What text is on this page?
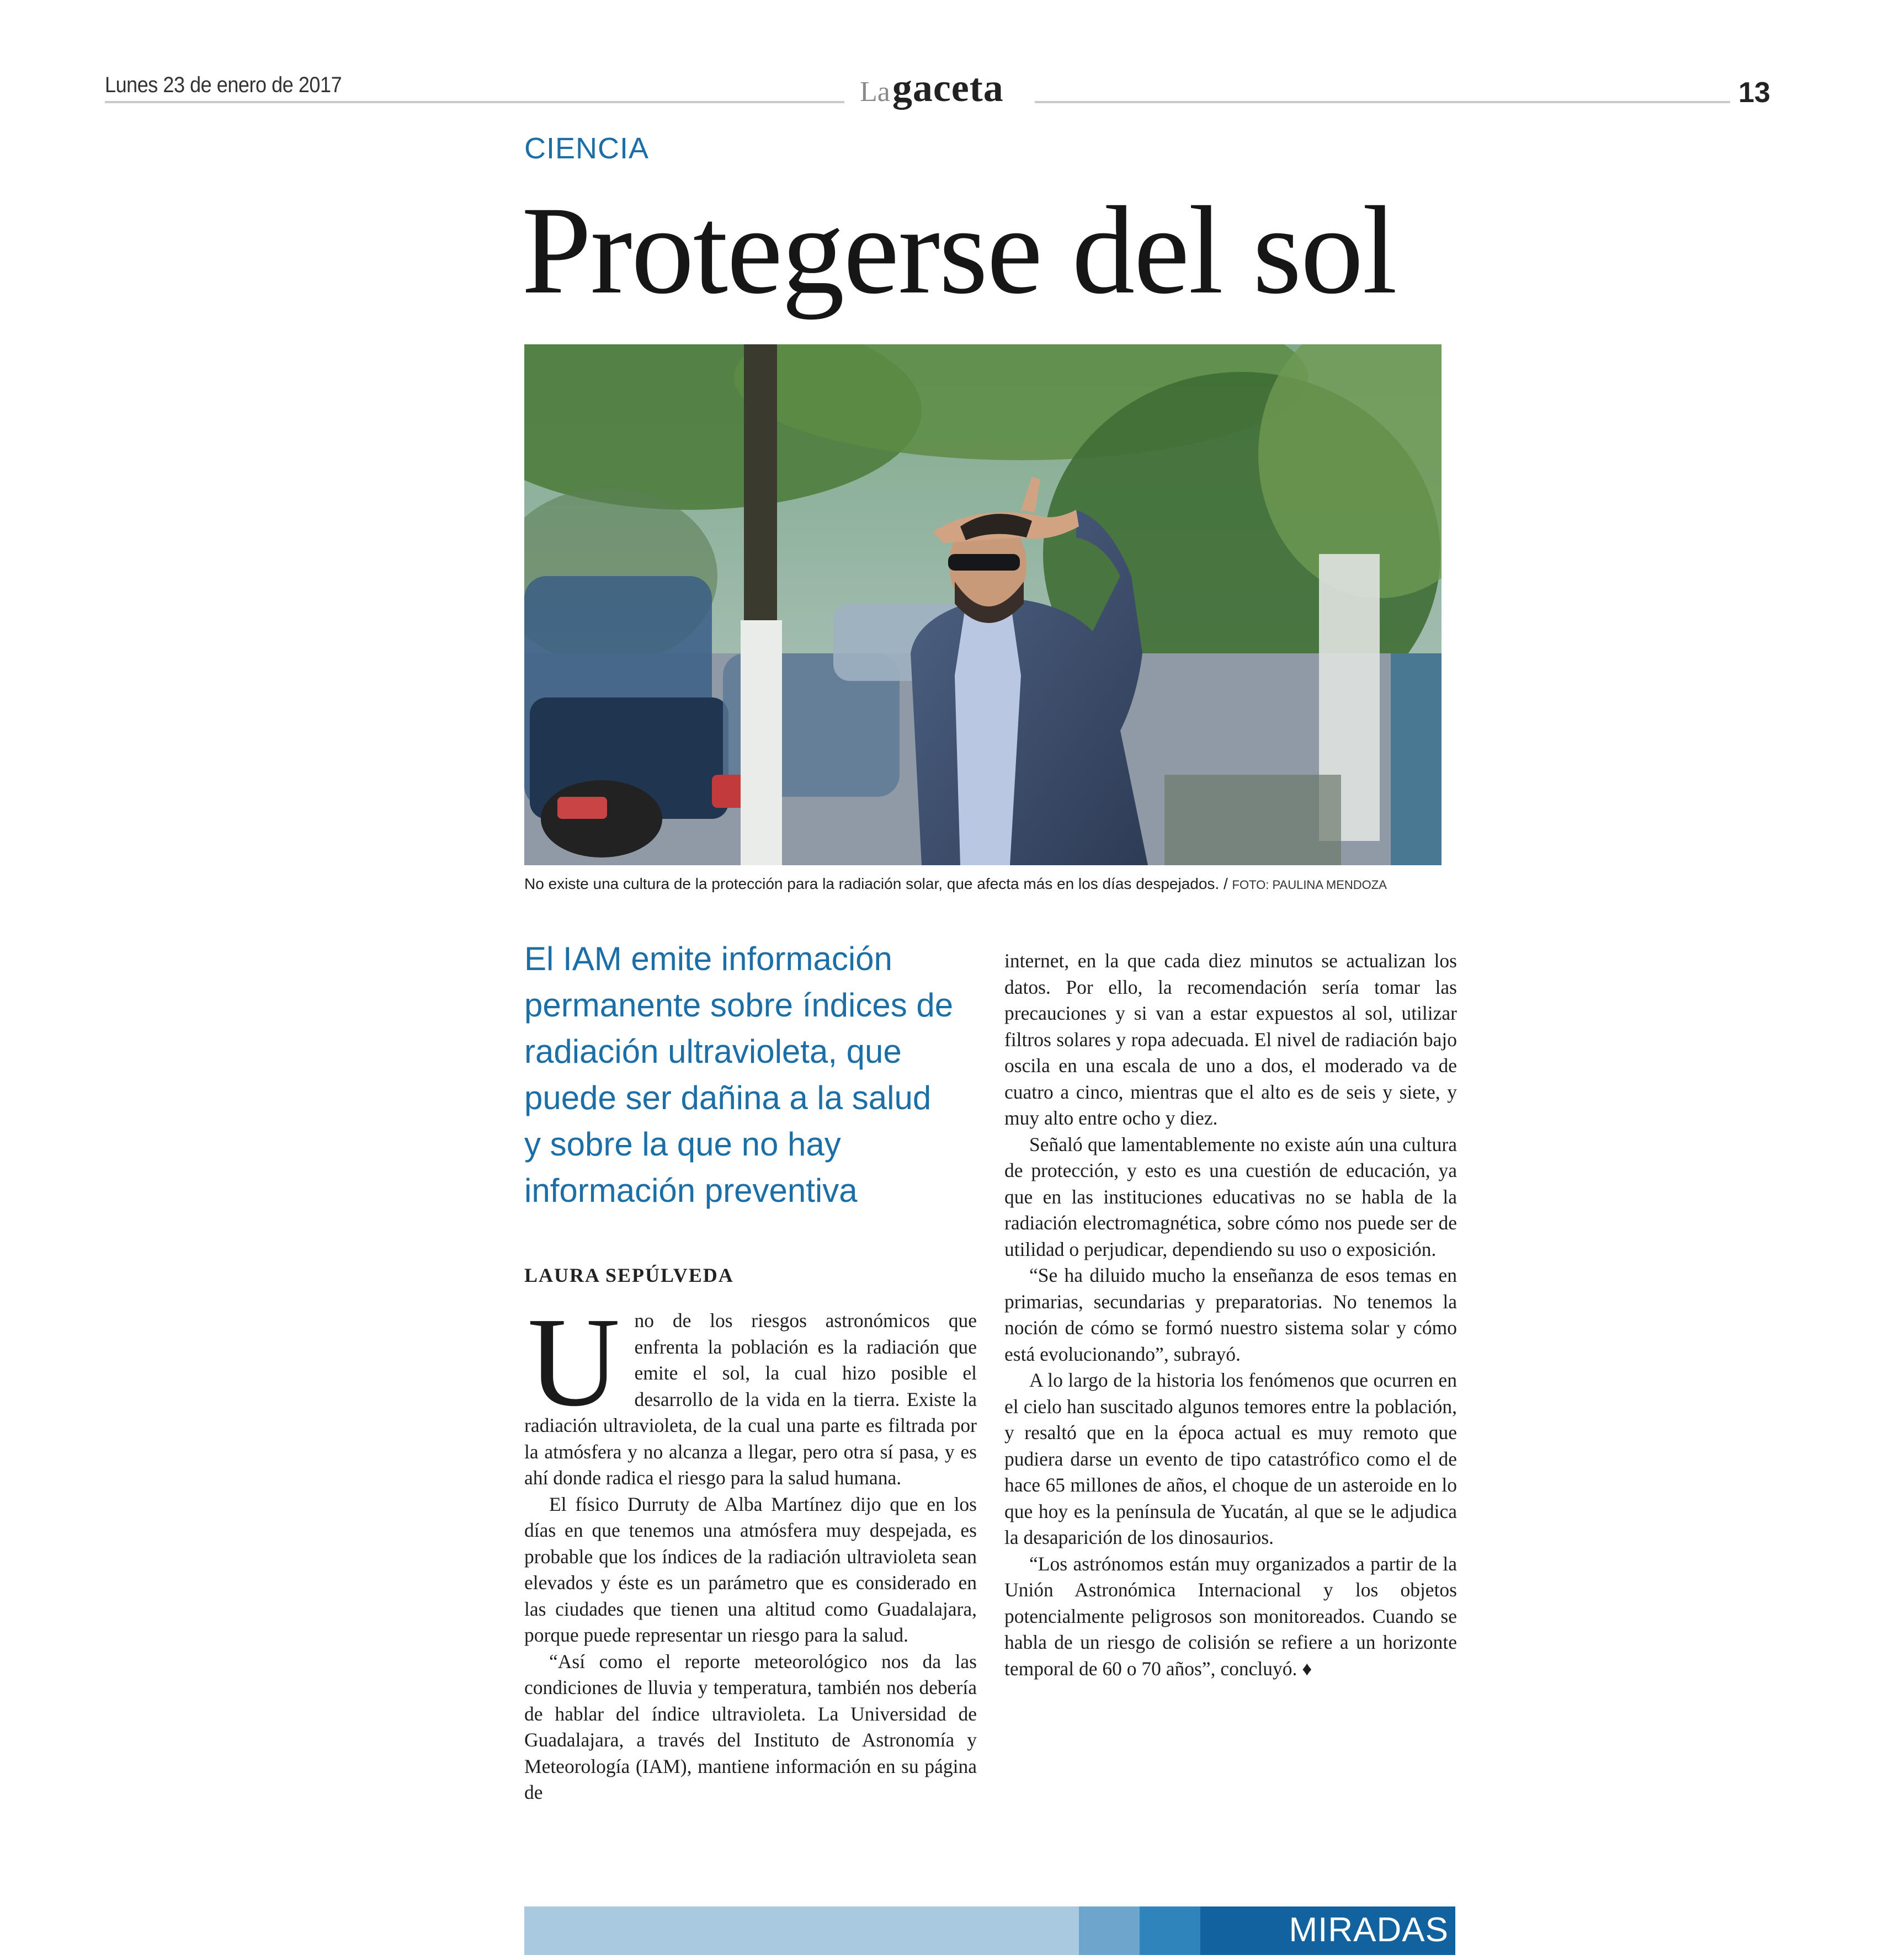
Lunes 23 de enero de 2017	La gaceta	13
CIENCIA
Protegerse del sol
No existe una cultura de la protección para la radiación solar, que afecta más en los días despejados. / FOTO: PAULINA MENDOZA
El IAM emite información permanente sobre índices de radiación ultravioleta, que puede ser dañina a la salud y sobre la que no hay información preventiva
LAURA SEPÚLVEDA

Uno de los riesgos astronómicos que enfrenta la población es la radiación que emite el sol, la cual hizo posible el desarrollo de la vida en la tierra. Existe la radiación ultravioleta, de la cual una parte es filtrada por la atmósfera y no alcanza a llegar, pero otra sí pasa, y es ahí donde radica el riesgo para la salud humana.

El físico Durruty de Alba Martínez dijo que en los días en que tenemos una atmósfera muy despejada, es probable que los índices de la radiación ultravioleta sean elevados y éste es un parámetro que es considerado en las ciudades que tienen una altitud como Guadalajara, porque puede representar un riesgo para la salud.

“Así como el reporte meteorológico nos da las condiciones de lluvia y temperatura, también nos debería de hablar del índice ultravioleta. La Universidad de Guadalajara, a través del Instituto de Astronomía y Meteorología (IAM), mantiene información en su página de

internet, en la que cada diez minutos se actualizan los datos. Por ello, la recomendación sería tomar las precauciones y si van a estar expuestos al sol, utilizar filtros solares y ropa adecuada. El nivel de radiación bajo oscila en una escala de uno a dos, el moderado va de cuatro a cinco, mientras que el alto es de seis y siete, y muy alto entre ocho y diez.

Señaló que lamentablemente no existe aún una cultura de protección, y esto es una cuestión de educación, ya que en las instituciones educativas no se habla de la radiación electromagnética, sobre cómo nos puede ser de utilidad o perjudicar, dependiendo su uso o exposición.

“Se ha diluido mucho la enseñanza de esos temas en primarias, secundarias y preparatorias. No tenemos la noción de cómo se formó nuestro sistema solar y cómo está evolucionando”, subrayó.

A lo largo de la historia los fenómenos que ocurren en el cielo han suscitado algunos temores entre la población, y resaltó que en la época actual es muy remoto que pudiera darse un evento de tipo catastrófico como el de hace 65 millones de años, el choque de un asteroide en lo que hoy es la península de Yucatán, al que se le adjudica la desaparición de los dinosaurios.

“Los astrónomos están muy organizados a partir de la Unión Astronómica Internacional y los objetos potencialmente peligrosos son monitoreados. Cuando se habla de un riesgo de colisión se refiere a un horizonte temporal de 60 o 70 años”, concluyó. ♦

MIRADAS
